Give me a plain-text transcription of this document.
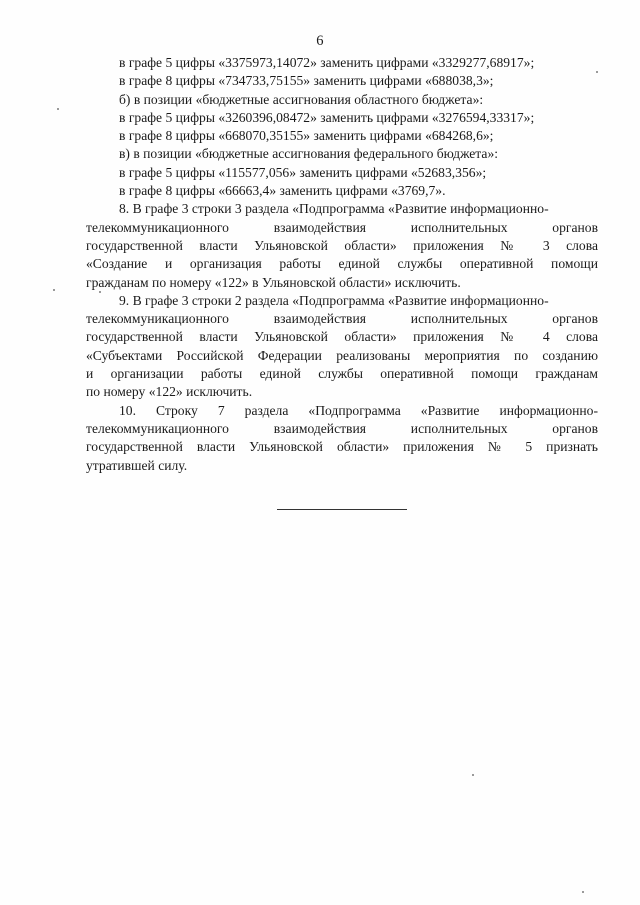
6
в графе 5 цифры «3375973,14072» заменить цифрами «3329277,68917»;
в графе 8 цифры «734733,75155» заменить цифрами «688038,3»;
б) в позиции «бюджетные ассигнования областного бюджета»:
в графе 5 цифры «3260396,08472» заменить цифрами «3276594,33317»;
в графе 8 цифры «668070,35155» заменить цифрами «684268,6»;
в) в позиции «бюджетные ассигнования федерального бюджета»:
в графе 5 цифры «115577,056» заменить цифрами «52683,356»;
в графе 8 цифры «66663,4» заменить цифрами «3769,7».
8. В графе 3 строки 3 раздела «Подпрограмма «Развитие информационно-
телекоммуникационного взаимодействия исполнительных органов
государственной власти Ульяновской области» приложения № 3 слова
«Создание и организация работы единой службы оперативной помощи
гражданам по номеру «122» в Ульяновской области» исключить.
9. В графе 3 строки 2 раздела «Подпрограмма «Развитие информационно-
телекоммуникационного взаимодействия исполнительных органов
государственной власти Ульяновской области» приложения № 4 слова
«Субъектами Российской Федерации реализованы мероприятия по созданию
и организации работы единой службы оперативной помощи гражданам
по номеру «122» исключить.
10. Строку 7 раздела «Подпрограмма «Развитие информационно-
телекоммуникационного взаимодействия исполнительных органов
государственной власти Ульяновской области» приложения № 5 признать
утратившей силу.
